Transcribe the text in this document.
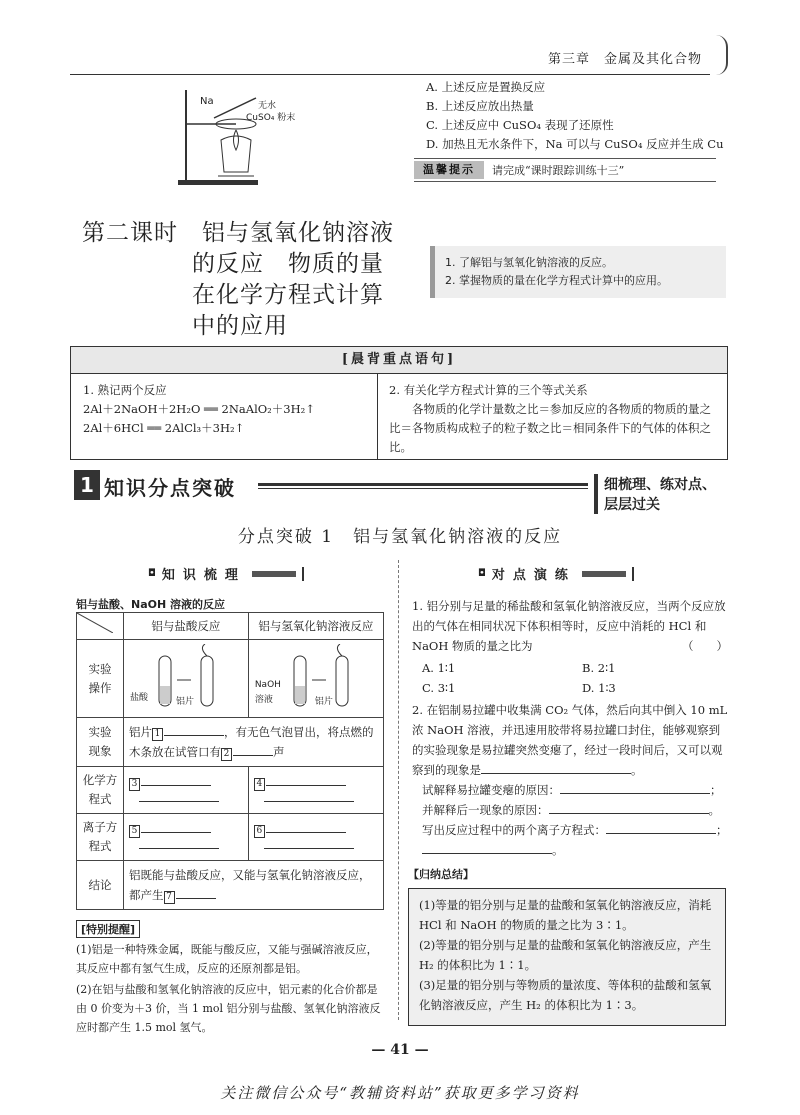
第三章　金属及其化合物
Na	无水
CuSO₄ 粉末
A. 上述反应是置换反应
B. 上述反应放出热量
C. 上述反应中 CuSO₄ 表现了还原性
D. 加热且无水条件下，Na 可以与 CuSO₄ 反应并生成 Cu
温馨提示	请完成“课时跟踪训练十三”
第二课时　铝与氢氧化钠溶液
的反应　物质的量
在化学方程式计算
中的应用
1. 了解铝与氢氧化钠溶液的反应。
2. 掌握物质的量在化学方程式计算中的应用。
[晨背重点语句]
1. 熟记两个反应
2Al＋2NaOH＋2H₂O ══ 2NaAlO₂＋3H₂↑
2Al＋6HCl ══ 2AlCl₃＋3H₂↑
2. 有关化学方程式计算的三个等式关系
各物质的化学计量数之比＝参加反应的各物质的物质的量之比＝各物质构成粒子的粒子数之比＝相同条件下的气体的体积之比。
1 知识分点突破	细梳理、练对点、层层过关
分点突破 1　铝与氢氧化钠溶液的反应
◘ 知识梳理	◘ 对点演练
铝与盐酸、NaOH 溶液的反应
	铝与盐酸反应	铝与氢氧化钠溶液反应
实验
操作	盐酸 铝片	NaOH
溶液 铝片

实验
现象	铝片 1 ，有无色气泡冒出，将点燃的木条放在试管口有 2 声	
化学方
程式	3	4

离子方
程式	5	6

结论	铝既能与盐酸反应，又能与氢氧化钠溶液反应，都产生 7	
[特别提醒]
(1)铝是一种特殊金属，既能与酸反应，又能与强碱溶液反应，其反应中都有氢气生成，反应的还原剂都是铝。
(2)在铝与盐酸和氢氧化钠溶液的反应中，铝元素的化合价都是由 0 价变为＋3 价，当 1 mol 铝分别与盐酸、氢氧化钠溶液反应时都产生 1.5 mol 氢气。
1. 铝分别与足量的稀盐酸和氢氧化钠溶液反应，当两个反应放出的气体在相同状况下体积相等时，反应中消耗的 HCl 和 NaOH 物质的量之比为	（　　）
A. 1∶1	B. 2∶1
C. 3∶1	D. 1∶3
2. 在铝制易拉罐中收集满 CO₂ 气体，然后向其中倒入 10 mL 浓 NaOH 溶液，并迅速用胶带将易拉罐口封住，能够观察到的实验现象是易拉罐突然变瘪了，经过一段时间后，又可以观察到的现象是	。
试解释易拉罐变瘪的原因：	；
并解释后一现象的原因：	。
写出反应过程中的两个离子方程式：	；
。
【归纳总结】
(1)等量的铝分别与足量的盐酸和氢氧化钠溶液反应，消耗 HCl 和 NaOH 的物质的量之比为 3∶1。
(2)等量的铝分别与足量的盐酸和氢氧化钠溶液反应，产生 H₂ 的体积比为 1∶1。
(3)足量的铝分别与等物质的量浓度、等体积的盐酸和氢氧化钠溶液反应，产生 H₂ 的体积比为 1∶3。
— 41 —
关注微信公众号“教辅资料站”获取更多学习资料
